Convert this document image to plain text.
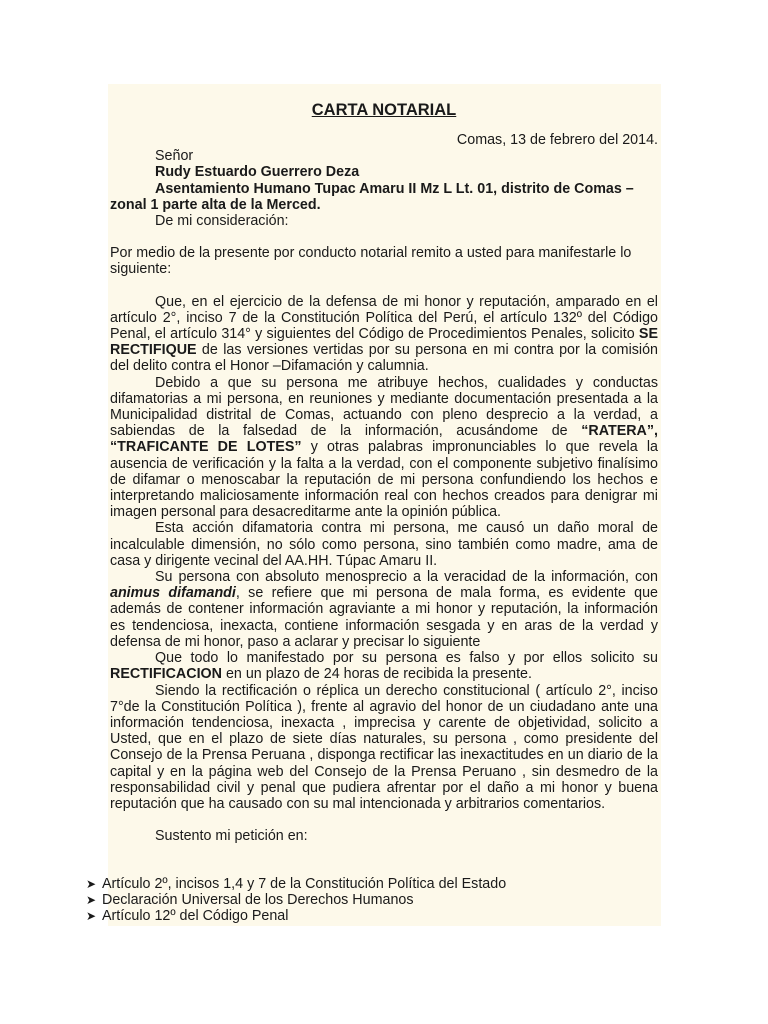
CARTA NOTARIAL

Comas, 13 de febrero del 2014.

Señor

Rudy Estuardo Guerrero Deza

Asentamiento Humano Tupac Amaru II Mz L Lt. 01, distrito de Comas –

zonal 1 parte alta de la Merced.

De mi consideración:

Por medio de la presente por conducto notarial remito a usted para manifestarle lo siguiente:

Que, en el ejercicio de la defensa de mi honor y reputación, amparado en el artículo 2°, inciso 7 de la Constitución Política del Perú, el artículo 132º del Código Penal, el artículo 314° y siguientes del Código de Procedimientos Penales, solicito SE RECTIFIQUE de las versiones vertidas por su persona en mi contra por la comisión del delito contra el Honor –Difamación y calumnia.

Debido a que su persona me atribuye hechos, cualidades y conductas difamatorias a mi persona, en reuniones y mediante documentación presentada a la Municipalidad distrital de Comas, actuando con pleno desprecio a la verdad, a sabiendas de la falsedad de la información, acusándome de “RATERA”, “TRAFICANTE DE LOTES” y otras palabras impronunciables lo que revela la ausencia de verificación y la falta a la verdad, con el componente subjetivo finalísimo de difamar o menoscabar la reputación de mi persona confundiendo los hechos e interpretando maliciosamente información real con hechos creados para denigrar mi imagen personal para desacreditarme ante la opinión pública.

Esta acción difamatoria contra mi persona, me causó un daño moral de incalculable dimensión, no sólo como persona, sino también como madre, ama de casa y dirigente vecinal del AA.HH. Túpac Amaru II.

Su persona con absoluto menosprecio a la veracidad de la información, con animus difamandi, se refiere que mi persona de mala forma, es evidente que además de contener información agraviante a mi honor y reputación, la información es tendenciosa, inexacta, contiene información sesgada y en aras de la verdad y defensa de mi honor, paso a aclarar y precisar lo siguiente

Que todo lo manifestado por su persona es falso y por ellos solicito su RECTIFICACION en un plazo de 24 horas de recibida la presente.

Siendo la rectificación o réplica un derecho constitucional ( artículo 2°, inciso 7°de la Constitución Política ), frente al agravio del honor de un ciudadano ante una información tendenciosa, inexacta , imprecisa y carente de objetividad, solicito a Usted, que en el plazo de siete días naturales, su persona , como presidente del Consejo de la Prensa Peruana , disponga rectificar las inexactitudes en un diario de la capital y en la página web del Consejo de la Prensa Peruano , sin desmedro de la responsabilidad civil y penal que pudiera afrentar por el daño a mi honor y buena reputación que ha causado con su mal intencionada y arbitrarios comentarios.

Sustento mi petición en:

➤ Artículo 2º, incisos 1,4 y 7 de la Constitución Política del Estado
➤ Declaración Universal de los Derechos Humanos
➤ Artículo 12º del Código Penal
